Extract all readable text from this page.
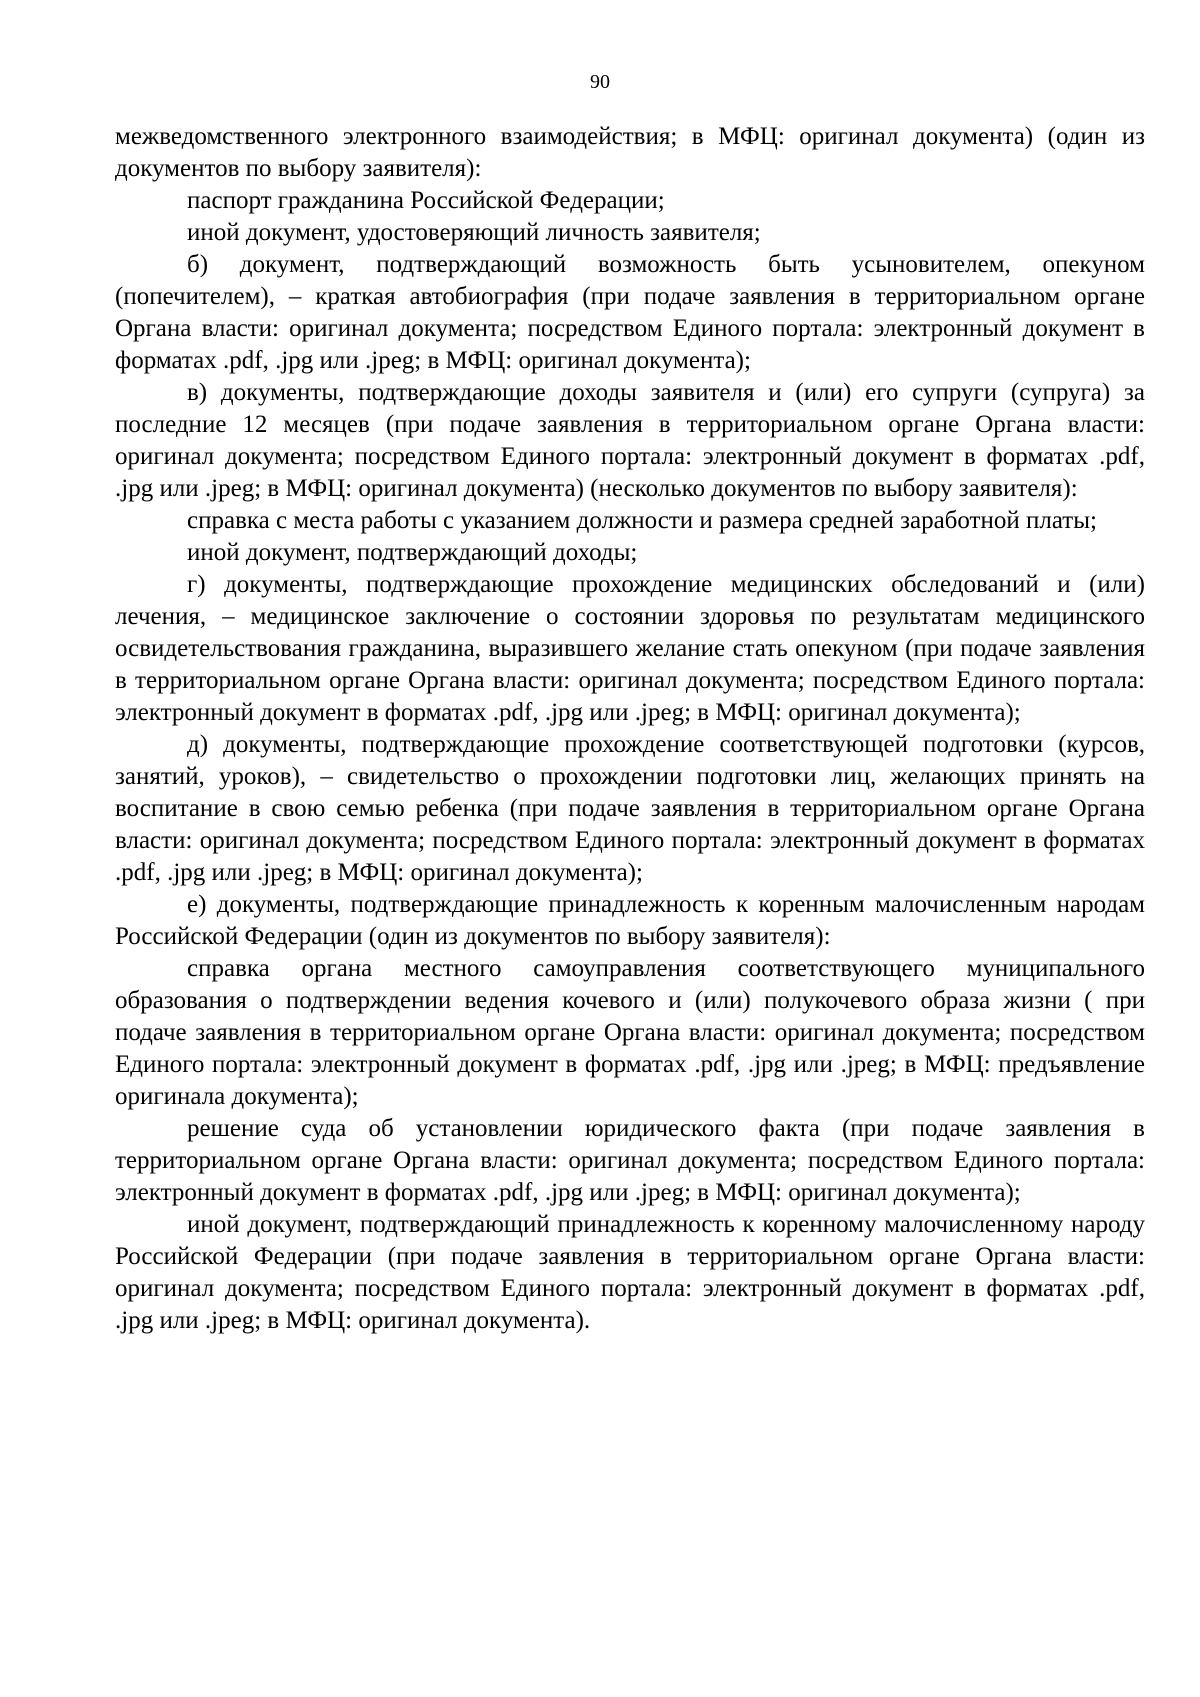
90

межведомственного электронного взаимодействия; в МФЦ: оригинал документа) (один из документов по выбору заявителя):

паспорт гражданина Российской Федерации;

иной документ, удостоверяющий личность заявителя;

б) документ, подтверждающий возможность быть усыновителем, опекуном (попечителем), – краткая автобиография (при подаче заявления в территориальном органе Органа власти: оригинал документа; посредством Единого портала: электронный документ в форматах .pdf, .jpg или .jpeg; в МФЦ: оригинал документа);

в) документы, подтверждающие доходы заявителя и (или) его супруги (супруга) за последние 12 месяцев (при подаче заявления в территориальном органе Органа власти: оригинал документа; посредством Единого портала: электронный документ в форматах .pdf, .jpg или .jpeg; в МФЦ: оригинал документа) (несколько документов по выбору заявителя):

справка с места работы с указанием должности и размера средней заработной платы;

иной документ, подтверждающий доходы;

г) документы, подтверждающие прохождение медицинских обследований и (или) лечения, – медицинское заключение о состоянии здоровья по результатам медицинского освидетельствования гражданина, выразившего желание стать опекуном (при подаче заявления в территориальном органе Органа власти: оригинал документа; посредством Единого портала: электронный документ в форматах .pdf, .jpg или .jpeg; в МФЦ: оригинал документа);

д) документы, подтверждающие прохождение соответствующей подготовки (курсов, занятий, уроков), – свидетельство о прохождении подготовки лиц, желающих принять на воспитание в свою семью ребенка (при подаче заявления в территориальном органе Органа власти: оригинал документа; посредством Единого портала: электронный документ в форматах .pdf, .jpg или .jpeg; в МФЦ: оригинал документа);

е) документы, подтверждающие принадлежность к коренным малочисленным народам Российской Федерации (один из документов по выбору заявителя):

справка органа местного самоуправления соответствующего муниципального образования о подтверждении ведения кочевого и (или) полукочевого образа жизни ( при подаче заявления в территориальном органе Органа власти: оригинал документа; посредством Единого портала: электронный документ в форматах .pdf, .jpg или .jpeg; в МФЦ: предъявление оригинала документа);

решение суда об установлении юридического факта (при подаче заявления в территориальном органе Органа власти: оригинал документа; посредством Единого портала: электронный документ в форматах .pdf, .jpg или .jpeg; в МФЦ: оригинал документа);

иной документ, подтверждающий принадлежность к коренному малочисленному народу Российской Федерации (при подаче заявления в территориальном органе Органа власти: оригинал документа; посредством Единого портала: электронный документ в форматах .pdf, .jpg или .jpeg; в МФЦ: оригинал документа).
